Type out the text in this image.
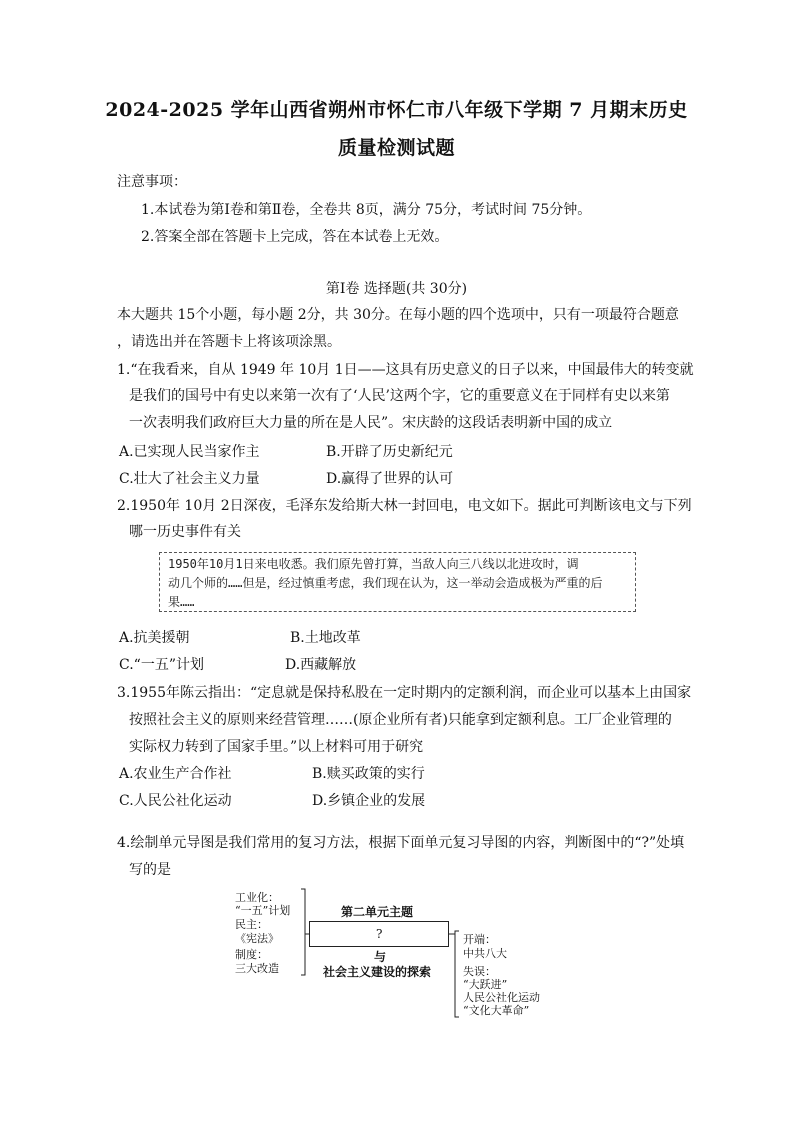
2024-2025 学年山西省朔州市怀仁市八年级下学期 7 月期末历史
质量检测试题
注意事项：
1.本试卷为第Ⅰ卷和第Ⅱ卷，全卷共 8页，满分 75分，考试时间 75分钟。
2.答案全部在答题卡上完成，答在本试卷上无效。
第Ⅰ卷 选择题(共 30分)
本大题共 15个小题，每小题 2分，共 30分。在每小题的四个选项中，只有一项最符合题意
，请选出并在答题卡上将该项涂黑。
1.“在我看来，自从 1949 年 10月 1日——这具有历史意义的日子以来，中国最伟大的转变就
是我们的国号中有史以来第一次有了‘人民’这两个字，它的重要意义在于同样有史以来第
一次表明我们政府巨大力量的所在是人民”。宋庆龄的这段话表明新中国的成立
A.已实现人民当家作主	B.开辟了历史新纪元
C.壮大了社会主义力量	D.赢得了世界的认可
2.1950年 10月 2日深夜，毛泽东发给斯大林一封回电，电文如下。据此可判断该电文与下列
哪一历史事件有关
1950年10月1日来电收悉。我们原先曾打算，当敌人向三八线以北进攻时，调
动几个师的……但是，经过慎重考虑，我们现在认为，这一举动会造成极为严重的后
果……
A.抗美援朝	B.土地改革
C.“一五”计划	D.西藏解放
3.1955年陈云指出：“定息就是保持私股在一定时期内的定额利润，而企业可以基本上由国家
按照社会主义的原则来经营管理……(原企业所有者)只能拿到定额利息。工厂企业管理的
实际权力转到了国家手里。”以上材料可用于研究
A.农业生产合作社	B.赎买政策的实行
C.人民公社化运动	D.乡镇企业的发展
4.绘制单元导图是我们常用的复习方法，根据下面单元复习导图的内容，判断图中的“?”处填
写的是
工业化：
“一五”计划
民主：
《宪法》
制度：
三大改造
第二单元主题
?
与
社会主义建设的探索
开端：
中共八大
失误：
“大跃进”
人民公社化运动
“文化大革命”
